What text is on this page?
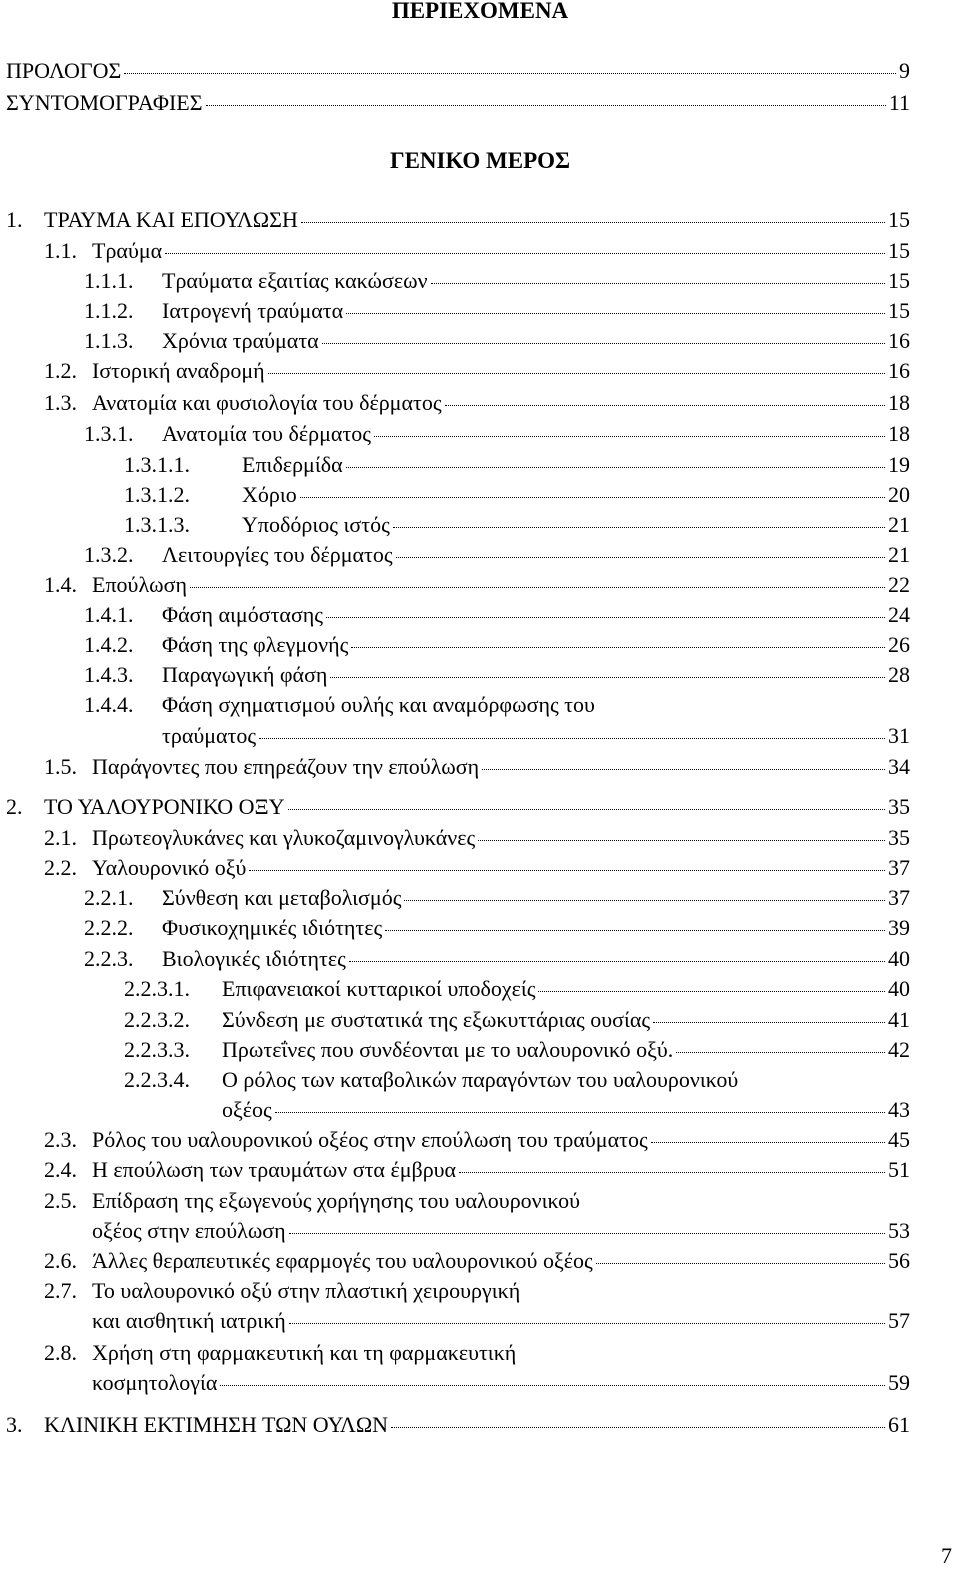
ΠΕΡΙΕΧΟΜΕΝΑ
ΓΕΝΙΚΟ ΜΕΡΟΣ
ΠΡΟΛΟΓΟΣ	9
ΣΥΝΤΟΜΟΓΡΑΦΙΕΣ	11
1. ΤΡΑΥΜΑ ΚΑΙ ΕΠΟΥΛΩΣΗ	15
1.1. Τραύμα	15
1.1.1.	Τραύματα εξαιτίας κακώσεων	15
1.1.2.	Ιατρογενή τραύματα	15
1.1.3.	Χρόνια τραύματα	16
1.2. Ιστορική αναδρομή	16
1.3. Ανατομία και φυσιολογία του δέρματος	18
1.3.1.	Ανατομία του δέρματος	18
1.3.1.1.	Επιδερμίδα	19
1.3.1.2.	Χόριο	20
1.3.1.3.	Υποδόριος ιστός	21
1.3.2.	Λειτουργίες του δέρματος	21
1.4. Επούλωση	22
1.4.1.	Φάση αιμόστασης	24
1.4.2.	Φάση της φλεγμονής	26
1.4.3.	Παραγωγική φάση	28
1.4.4.	Φάση σχηματισμού ουλής και αναμόρφωσης του
τραύματος	31
1.5. Παράγοντες που επηρεάζουν την επούλωση	34
2. ΤΟ ΥΑΛΟΥΡΟΝΙΚΟ ΟΞΥ	35
2.1. Πρωτεογλυκάνες και γλυκοζαμινογλυκάνες	35
2.2. Υαλουρονικό οξύ	37
2.2.1.	Σύνθεση και μεταβολισμός	37
2.2.2.	Φυσικοχημικές ιδιότητες	39
2.2.3.	Βιολογικές ιδιότητες	40
2.2.3.1.	Επιφανειακοί κυτταρικοί υποδοχείς	40
2.2.3.2.	Σύνδεση με συστατικά της εξωκυττάριας ουσίας	41
2.2.3.3.	Πρωτεΐνες που συνδέονται με το υαλουρονικό οξύ.	42
2.2.3.4.	Ο ρόλος των καταβολικών παραγόντων του υαλουρονικού
οξέος	43
2.3. Ρόλος του υαλουρονικού οξέος στην επούλωση του τραύματος	45
2.4. Η επούλωση των τραυμάτων στα έμβρυα	51
2.5. Επίδραση της εξωγενούς χορήγησης του υαλουρονικού
οξέος στην επούλωση	53
2.6. Άλλες θεραπευτικές εφαρμογές του υαλουρονικού οξέος	56
2.7. Το υαλουρονικό οξύ στην πλαστική χειρουργική
και αισθητική ιατρική	57
2.8. Χρήση στη φαρμακευτική και τη φαρμακευτική
κοσμητολογία	59
3. ΚΛΙΝΙΚΗ ΕΚΤΙΜΗΣΗ ΤΩΝ ΟΥΛΩΝ	61
7
